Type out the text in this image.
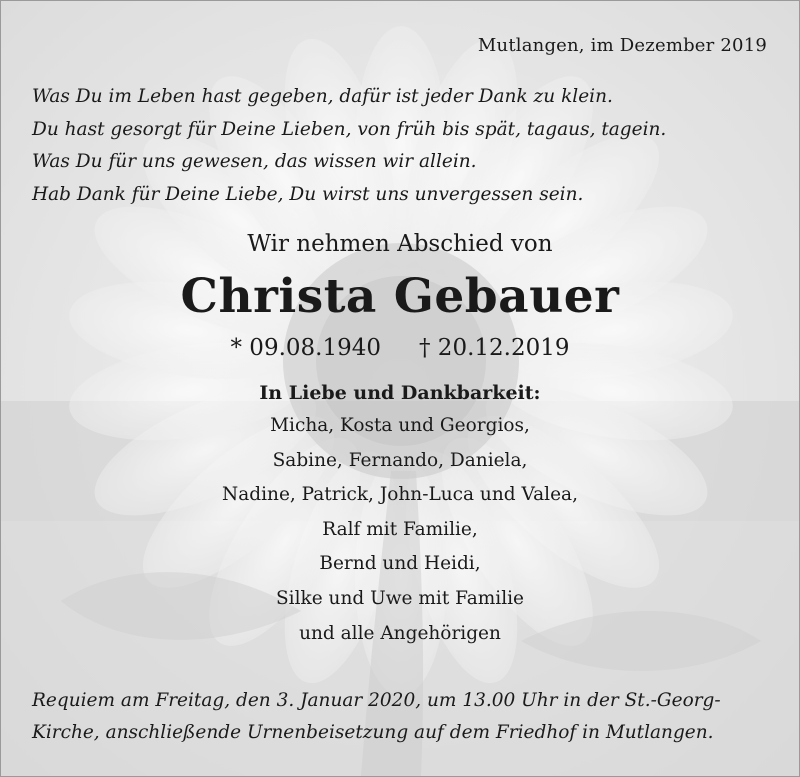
Mutlangen, im Dezember 2019
Was Du im Leben hast gegeben, dafür ist jeder Dank zu klein.
Du hast gesorgt für Deine Lieben, von früh bis spät, tagaus, tagein.
Was Du für uns gewesen, das wissen wir allein.
Hab Dank für Deine Liebe, Du wirst uns unvergessen sein.
Wir nehmen Abschied von
Christa Gebauer
* 09.08.1940 † 20.12.2019
In Liebe und Dankbarkeit:
Micha, Kosta und Georgios,
Sabine, Fernando, Daniela,
Nadine, Patrick, John-Luca und Valea,
Ralf mit Familie,
Bernd und Heidi,
Silke und Uwe mit Familie
und alle Angehörigen
Requiem am Freitag, den 3. Januar 2020, um 13.00 Uhr in der St.-Georg-
Kirche, anschließende Urnenbeisetzung auf dem Friedhof in Mutlangen.
